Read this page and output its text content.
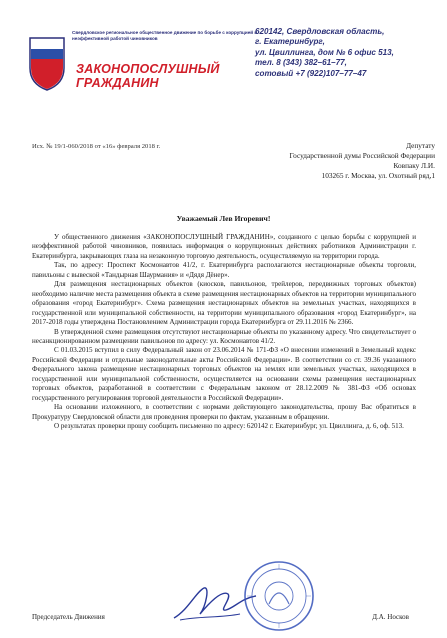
Свердловское региональное общественное движение по борьбе с коррупцией и неэффективной работой чиновников
ЗАКОНОПОСЛУШНЫЙ
ГРАЖДАНИН
620142, Свердловская область,
г. Екатеринбург,
ул. Цвиллинга, дом № 6 офис 513,
тел. 8 (343) 382–61–77,
сотовый +7 (922)107–77–47
Исх. № 19/1-060/2018 от «16» февраля 2018 г.	Депутату
Государственной думы Российской Федерации
Ковпаку Л.И.
103265 г. Москва, ул. Охотный ряд,1
Уважаемый Лев Игоревич!

У общественного движения «ЗАКОНОПОСЛУШНЫЙ ГРАЖДАНИН», созданного с целью борьбы с коррупцией и неэффективной работой чиновников, появилась информация о коррупционных действиях работников Администрации г. Екатеринбурга, закрывающих глаза на незаконную торговую деятельность, осуществляемую на территории города.

Так, по адресу: Проспект Космонавтов 41/2, г. Екатеринбурга располагаются нестационарные объекты торговли, павильоны с вывеской «Тандырная Шаурмания» и «Дядя Дёнер».

Для размещения нестационарных объектов (киосков, павильонов, трейлеров, передвижных торговых объектов) необходимо наличие места размещения объекта в схеме размещения нестационарных объектов на территории муниципального образования «город Екатеринбург». Схема размещения нестационарных объектов на земельных участках, находящихся в государственной или муниципальной собственности, на территории муниципального образования «город Екатеринбург», на 2017-2018 годы утверждена Постановлением Администрации города Екатеринбурга от 29.11.2016 № 2366.

В утвержденной схеме размещения отсутствуют нестационарные объекты по указанному адресу. Что свидетельствует о несанкционированном размещении павильонов по адресу: ул. Космонавтов 41/2.

С 01.03.2015 вступил в силу Федеральный закон от 23.06.2014 № 171-ФЗ «О внесении изменений в Земельный кодекс Российской Федерации и отдельные законодательные акты Российской Федерации». В соответствии со ст. 39.36 указанного Федерального закона размещение нестационарных торговых объектов на землях или земельных участках, находящихся в государственной или муниципальной собственности, осуществляется на основании схемы размещения нестационарных торговых объектов, разработанной в соответствии с Федеральным законом от 28.12.2009 № 381-ФЗ «Об основах государственного регулирования торговой деятельности в Российской Федерации».

На основании изложенного, в соответствии с нормами действующего законодательства, прошу Вас обратиться в Прокуратуру Свердловской области для проведения проверки по фактам, указанным в обращении.

О результатах проверки прошу сообщить письменно по адресу: 620142 г. Екатеринбург, ул. Цвиллинга, д. 6, оф. 513.

Председатель Движения	Д.А. Носков
